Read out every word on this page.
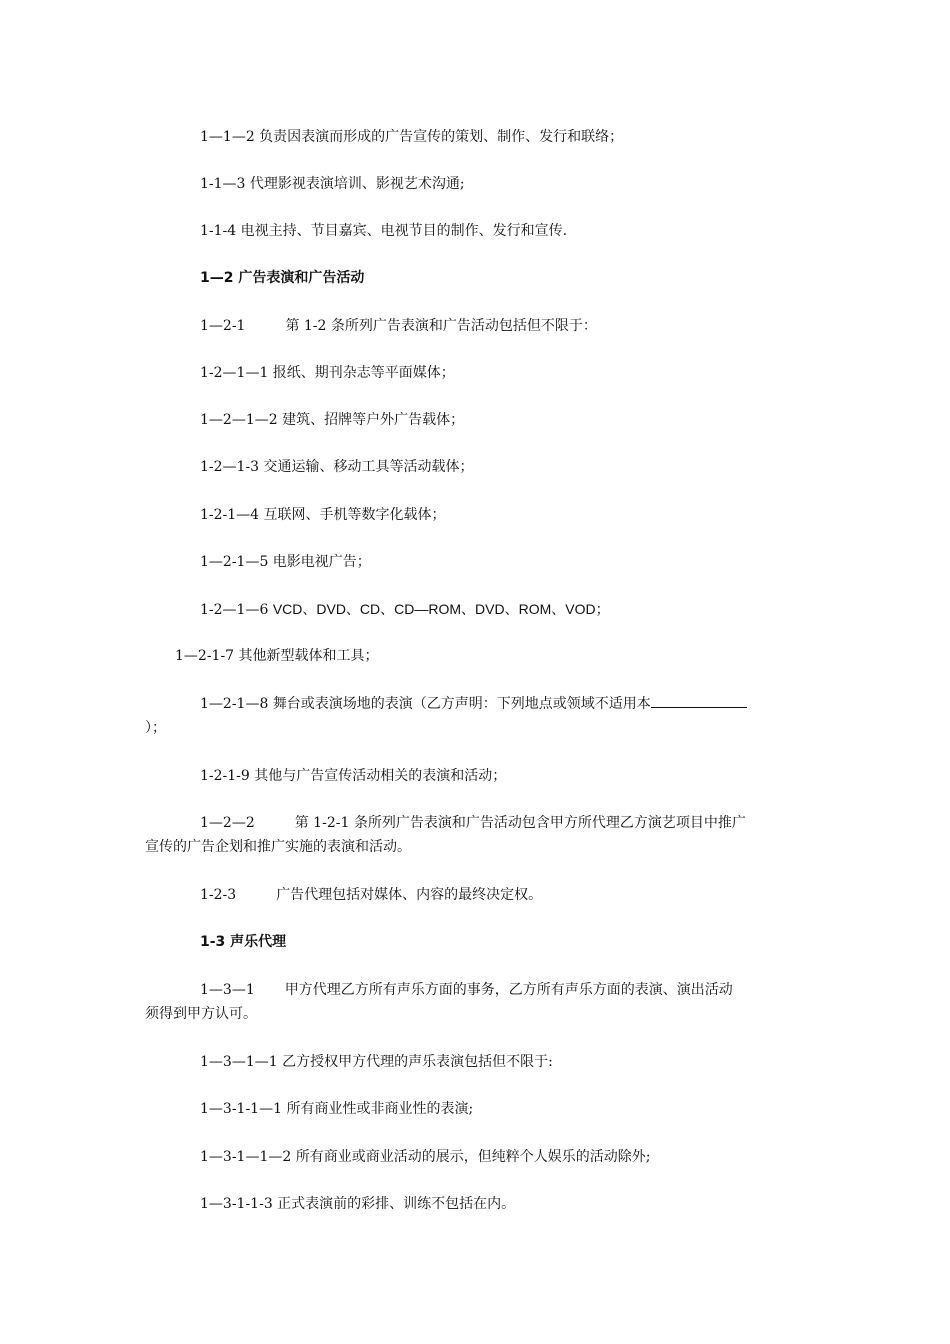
1—1—2 负责因表演而形成的广告宣传的策划、制作、发行和联络；
1-1—3 代理影视表演培训、影视艺术沟通;
1-1-4 电视主持、节目嘉宾、电视节目的制作、发行和宣传.
1—2 广告表演和广告活动
1—2-1	第 1-2 条所列广告表演和广告活动包括但不限于：
1-2—1—1 报纸、期刊杂志等平面媒体；
1—2—1—2 建筑、招牌等户外广告载体；
1-2—1-3 交通运输、移动工具等活动载体；
1-2-1—4 互联网、手机等数字化载体；
1—2-1—5 电影电视广告；
1-2—1—6 VCD、DVD、CD、CD—ROM、DVD、ROM、VOD；
1—2-1-7 其他新型载体和工具；
1—2-1—8 舞台或表演场地的表演（乙方声明：下列地点或领域不适用本
）；
1-2-1-9 其他与广告宣传活动相关的表演和活动；
1—2—2	第 1-2-1 条所列广告表演和广告活动包含甲方所代理乙方演艺项目中推广
宣传的广告企划和推广实施的表演和活动。
1-2-3	广告代理包括对媒体、内容的最终决定权。
1-3 声乐代理
1—3—1 甲方代理乙方所有声乐方面的事务，乙方所有声乐方面的表演、演出活动
须得到甲方认可。
1—3—1—1 乙方授权甲方代理的声乐表演包括但不限于:
1—3-1-1—1 所有商业性或非商业性的表演;
1—3-1—1—2 所有商业或商业活动的展示，但纯粹个人娱乐的活动除外;
1—3-1-1-3 正式表演前的彩排、训练不包括在内。
